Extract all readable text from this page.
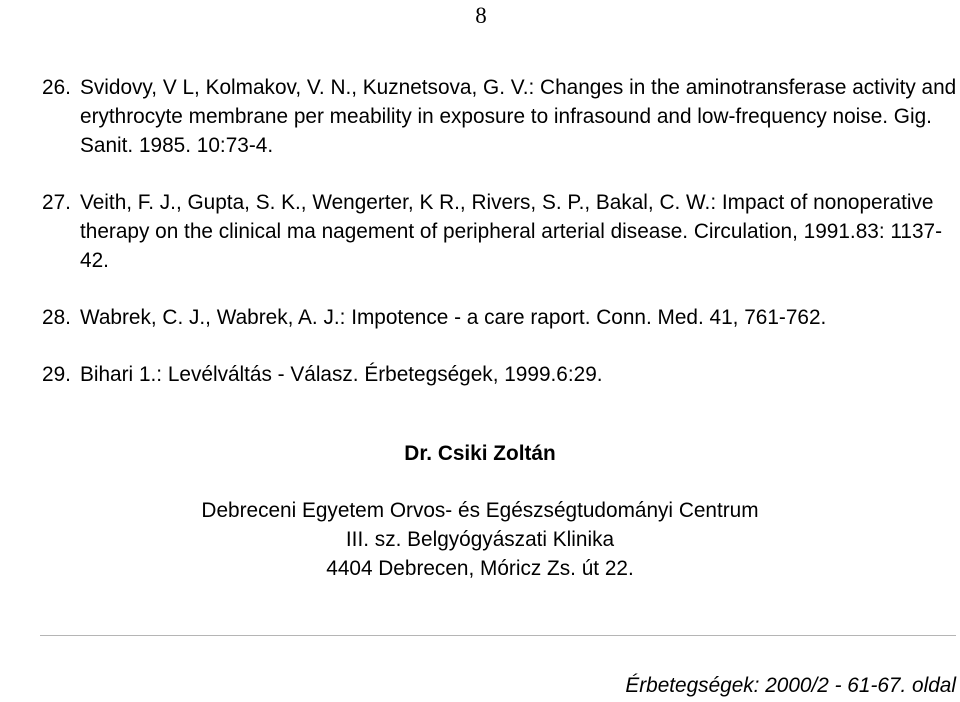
8
26. Svidovy, V L, Kolmakov, V. N., Kuznetsova, G. V.: Changes in the aminotransferase activity and erythrocyte membrane per meability in exposure to infrasound and low-frequency noise. Gig. Sanit. 1985. 10:73-4.
27. Veith, F. J., Gupta, S. K., Wengerter, K R., Rivers, S. P., Bakal, C. W.: Impact of nonoperative therapy on the clinical ma nagement of peripheral arterial disease. Circulation, 1991.83: 1137-42.
28. Wabrek, C. J., Wabrek, A. J.: Impotence - a care raport. Conn. Med. 41, 761-762.
29. Bihari 1.: Levélváltás - Válasz. Érbetegségek, 1999.6:29.
Dr. Csiki Zoltán
Debreceni Egyetem Orvos- és Egészségtudományi Centrum
III. sz. Belgyógyászati Klinika
4404 Debrecen, Móricz Zs. út 22.
Érbetegségek: 2000/2 - 61-67. oldal
